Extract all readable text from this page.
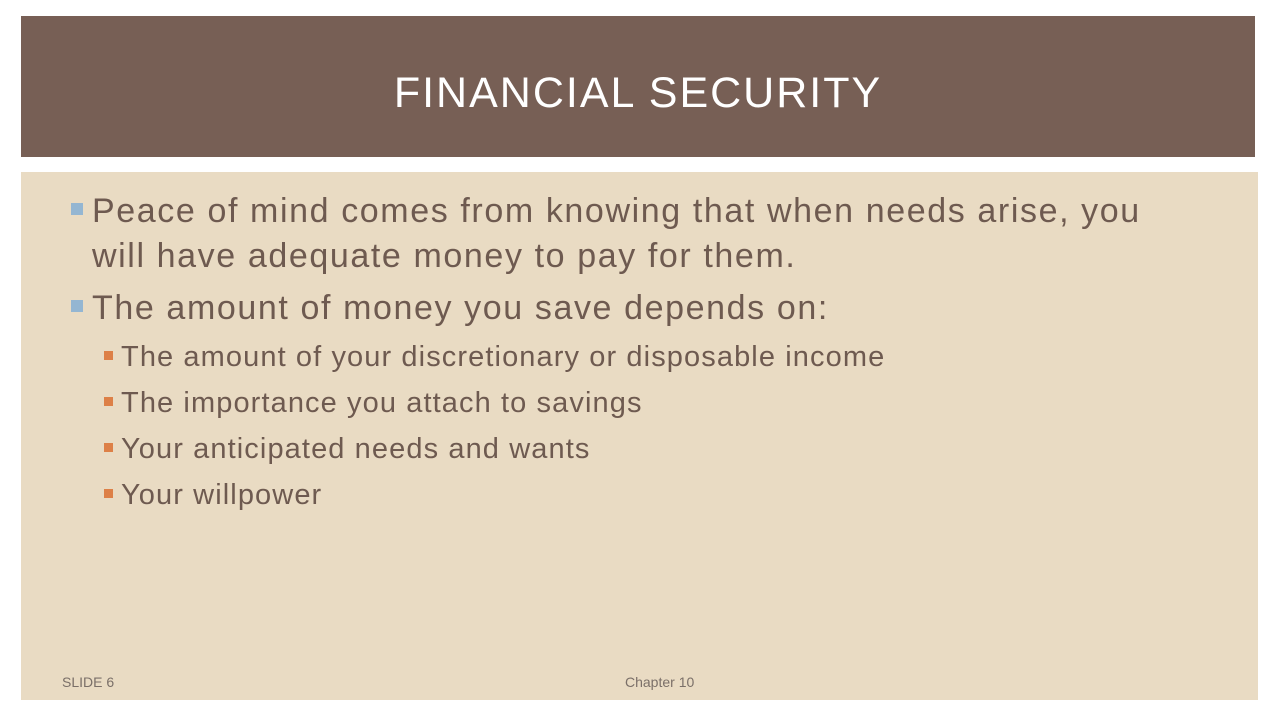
FINANCIAL SECURITY
Peace of mind comes from knowing that when needs arise, you will have adequate money to pay for them.
The amount of money you save depends on:
The amount of your discretionary or disposable income
The importance you attach to savings
Your anticipated needs and wants
Your willpower
SLIDE 6	Chapter 10
